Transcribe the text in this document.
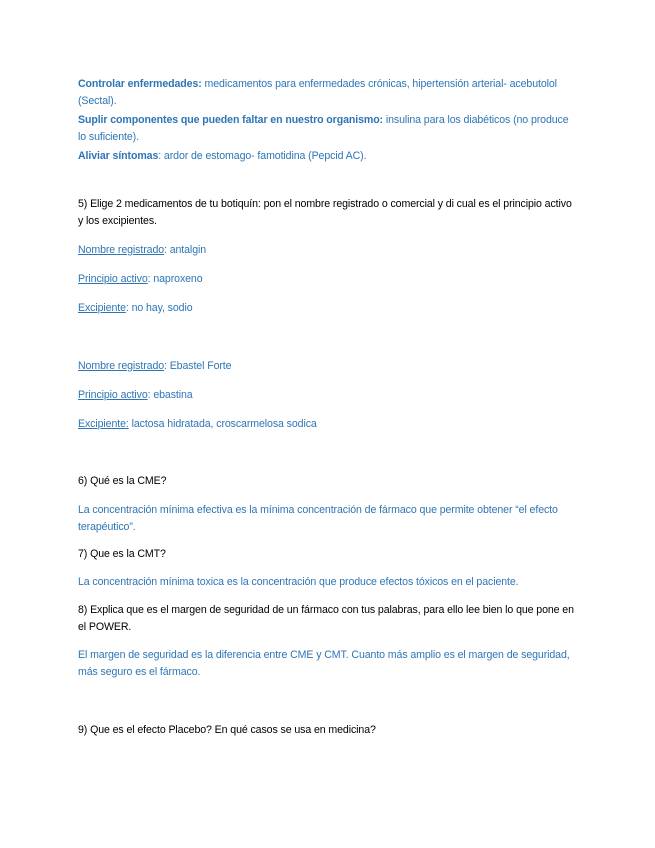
Controlar enfermedades: medicamentos para enfermedades crónicas, hipertensión arterial- acebutolol (Sectal).

Suplir componentes que pueden faltar en nuestro organismo: insulina para los diabéticos (no produce lo suficiente).

Aliviar síntomas: ardor de estomago- famotidina (Pepcid AC).

5) Elige 2 medicamentos de tu botiquín: pon el nombre registrado o comercial y di cual es el principio activo y los excipientes.

Nombre registrado: antalgin

Principio activo: naproxeno

Excipiente: no hay, sodio

Nombre registrado: Ebastel Forte

Principio activo: ebastina

Excipiente: lactosa hidratada, croscarmelosa sodica

6) Qué es la CME?

La concentración mínima efectiva es la mínima concentración de fármaco que permite obtener “el efecto terapéutico”.

7) Que es la CMT?

La concentración mínima toxica es la concentración que produce efectos tóxicos en el paciente.

8) Explica que es el margen de seguridad de un fármaco con tus palabras, para ello lee bien lo que pone en el POWER.

El margen de seguridad es la diferencia entre CME y CMT. Cuanto más amplio es el margen de seguridad, más seguro es el fármaco.

9) Que es el efecto Placebo? En qué casos se usa en medicina?
